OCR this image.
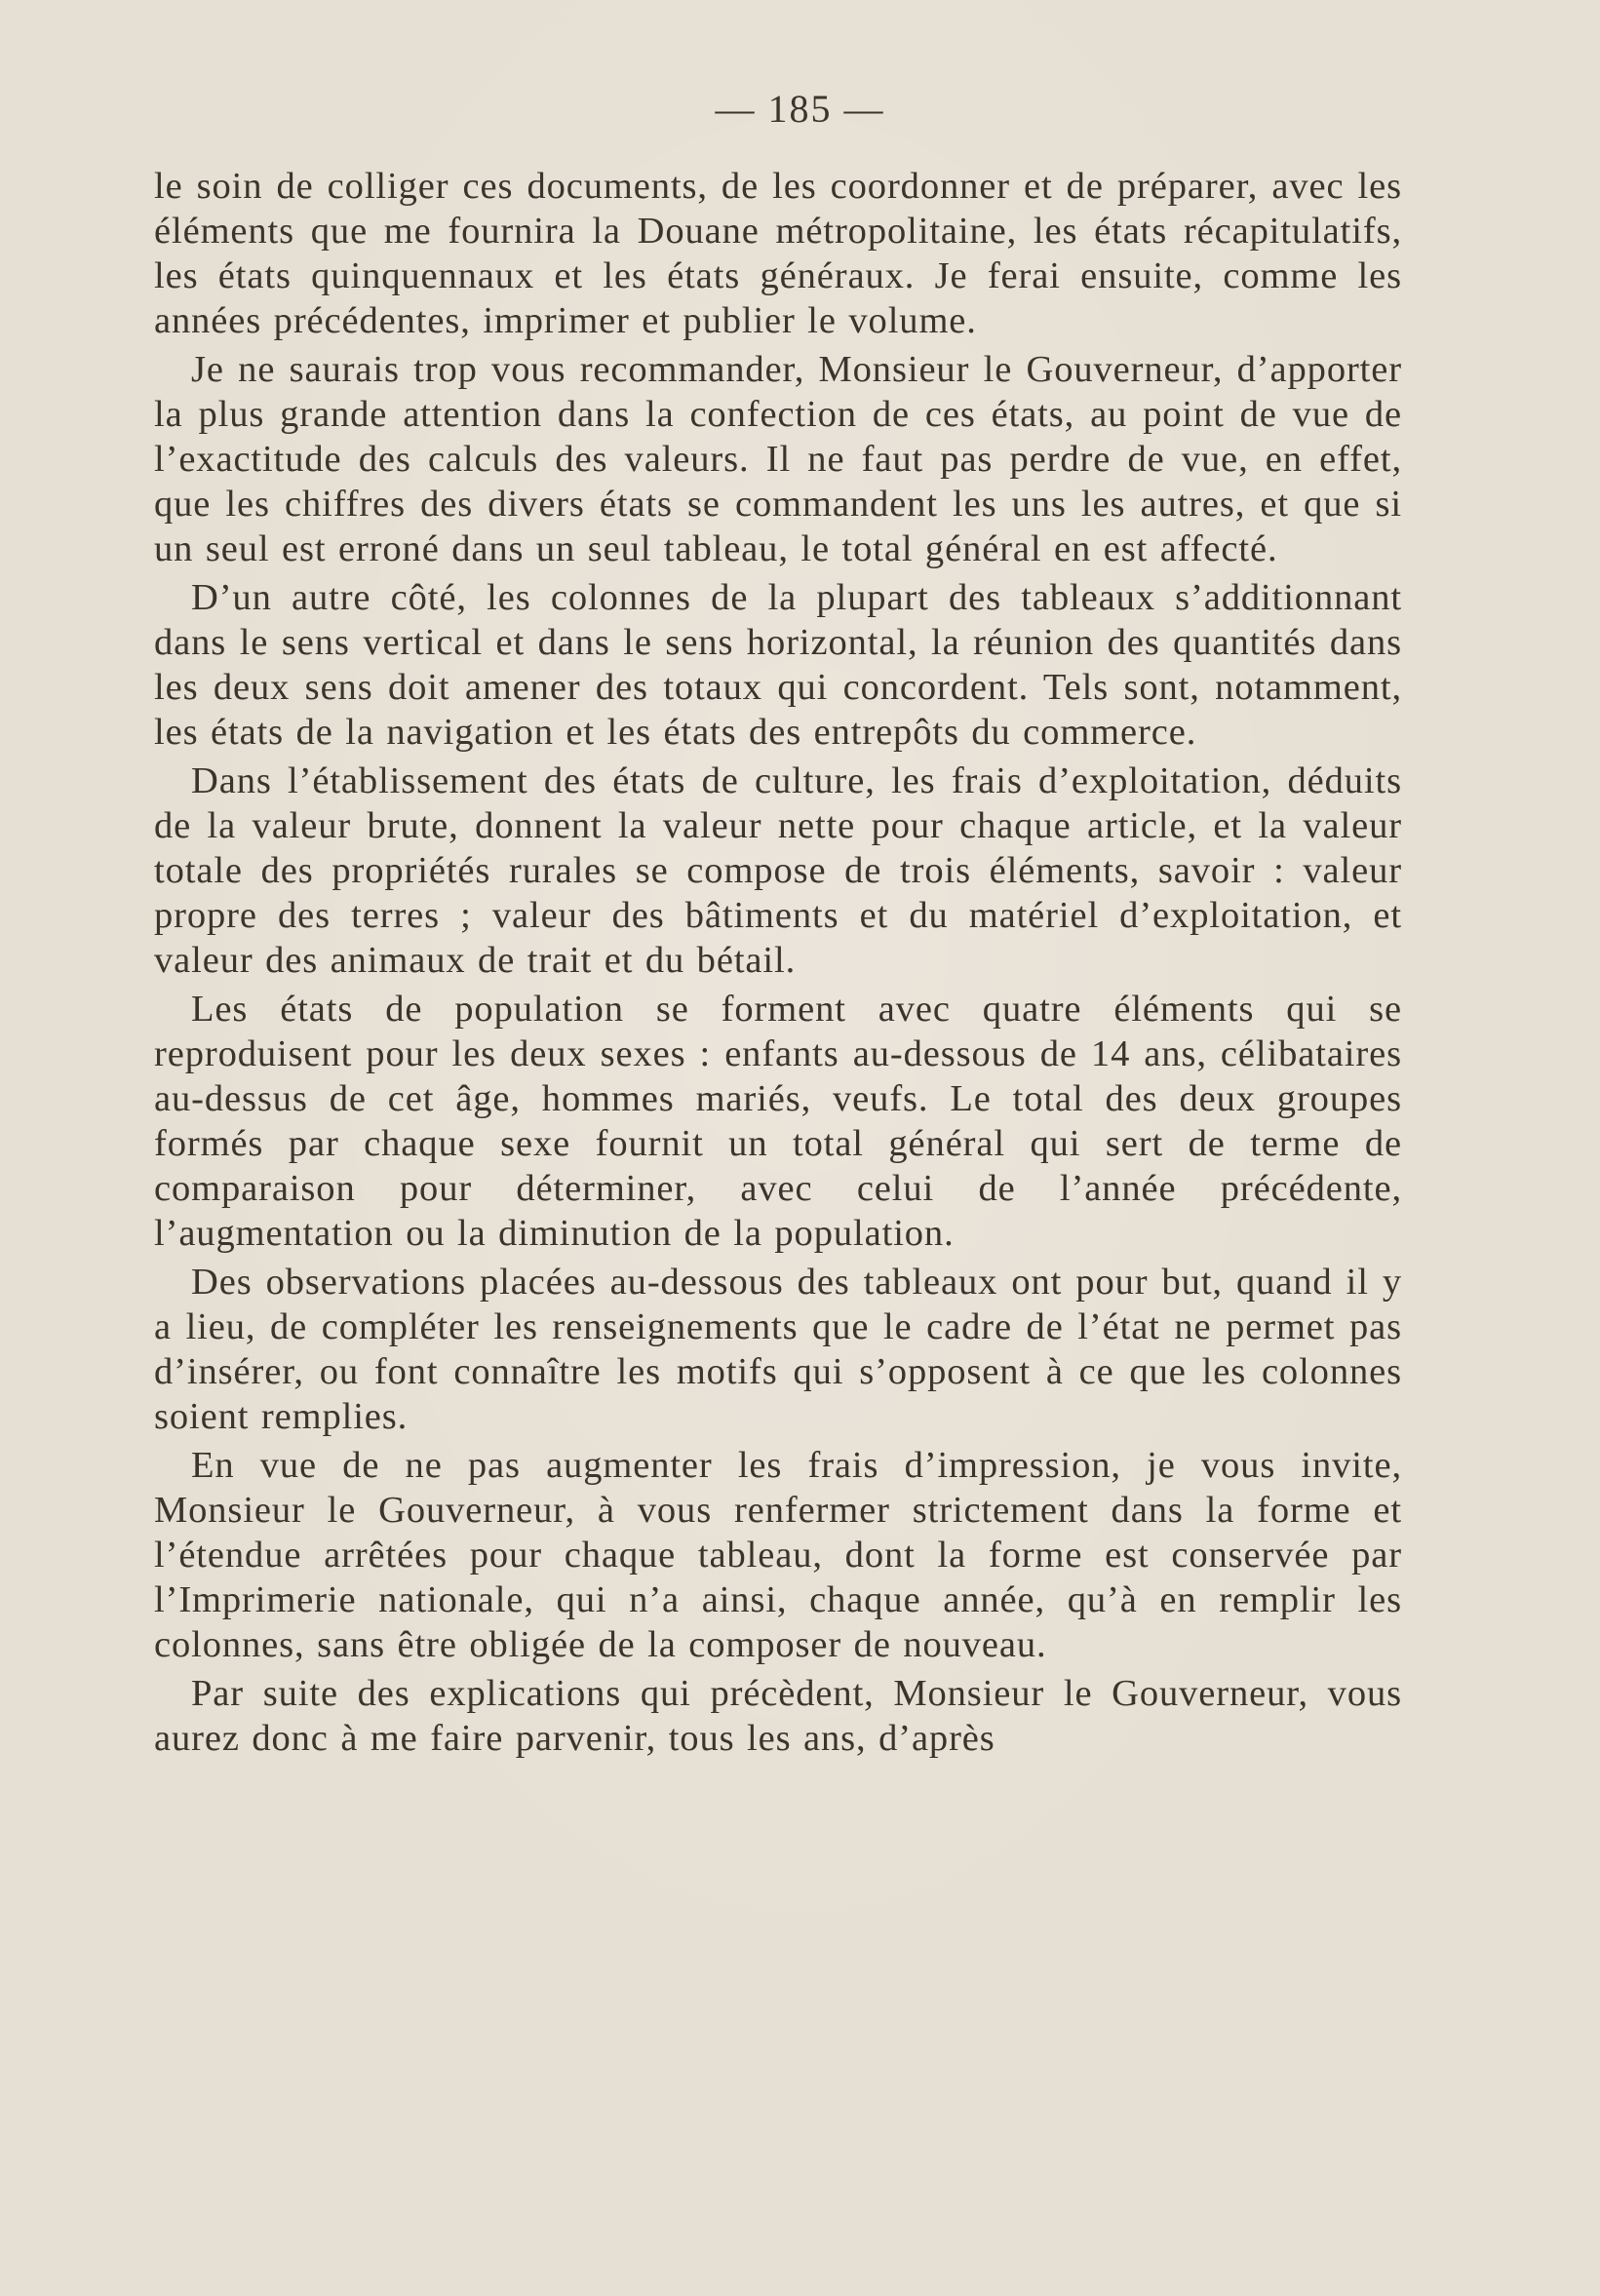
— 185 —

le soin de colliger ces documents, de les coordonner et de préparer, avec les éléments que me fournira la Douane métropolitaine, les états récapitulatifs, les états quinquennaux et les états généraux. Je ferai ensuite, comme les années précédentes, imprimer et publier le volume.

Je ne saurais trop vous recommander, Monsieur le Gouverneur, d’apporter la plus grande attention dans la confection de ces états, au point de vue de l’exactitude des calculs des valeurs. Il ne faut pas perdre de vue, en effet, que les chiffres des divers états se commandent les uns les autres, et que si un seul est erroné dans un seul tableau, le total général en est affecté.

D’un autre côté, les colonnes de la plupart des tableaux s’additionnant dans le sens vertical et dans le sens horizontal, la réunion des quantités dans les deux sens doit amener des totaux qui concordent. Tels sont, notamment, les états de la navigation et les états des entrepôts du commerce.

Dans l’établissement des états de culture, les frais d’exploitation, déduits de la valeur brute, donnent la valeur nette pour chaque article, et la valeur totale des propriétés rurales se compose de trois éléments, savoir : valeur propre des terres ; valeur des bâtiments et du matériel d’exploitation, et valeur des animaux de trait et du bétail.

Les états de population se forment avec quatre éléments qui se reproduisent pour les deux sexes : enfants au-dessous de 14 ans, célibataires au-dessus de cet âge, hommes mariés, veufs. Le total des deux groupes formés par chaque sexe fournit un total général qui sert de terme de comparaison pour déterminer, avec celui de l’année précédente, l’augmentation ou la diminution de la population.

Des observations placées au-dessous des tableaux ont pour but, quand il y a lieu, de compléter les renseignements que le cadre de l’état ne permet pas d’insérer, ou font connaître les motifs qui s’opposent à ce que les colonnes soient remplies.

En vue de ne pas augmenter les frais d’impression, je vous invite, Monsieur le Gouverneur, à vous renfermer strictement dans la forme et l’étendue arrêtées pour chaque tableau, dont la forme est conservée par l’Imprimerie nationale, qui n’a ainsi, chaque année, qu’à en remplir les colonnes, sans être obligée de la composer de nouveau.

Par suite des explications qui précèdent, Monsieur le Gouverneur, vous aurez donc à me faire parvenir, tous les ans, d’après
